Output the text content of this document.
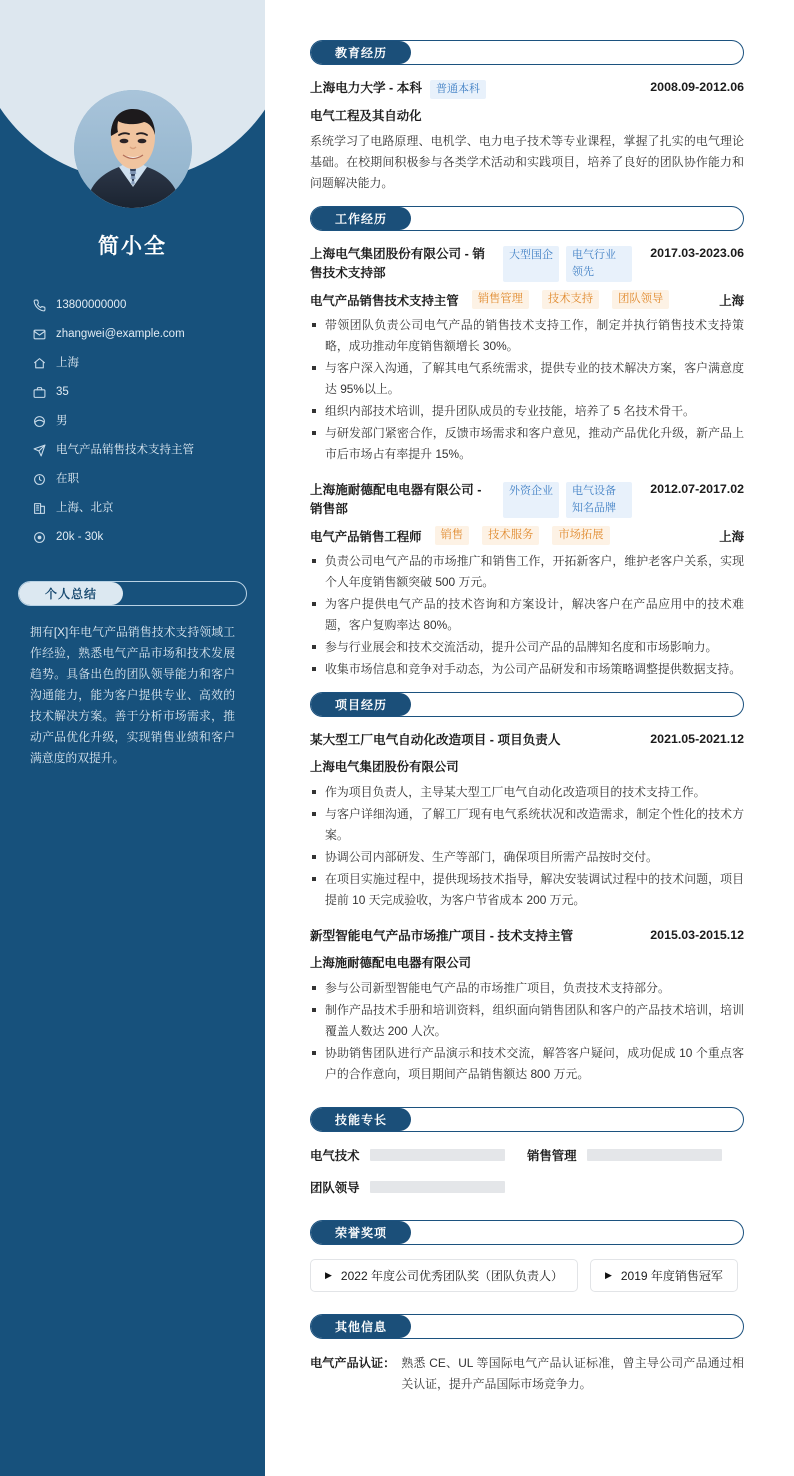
简小全
13800000000
zhangwei@example.com
上海
35
男
电气产品销售技术支持主管
在职
上海、北京
20k - 30k
个人总结

拥有[X]年电气产品销售技术支持领域工作经验，熟悉电气产品市场和技术发展趋势。具备出色的团队领导能力和客户沟通能力，能为客户提供专业、高效的技术解决方案。善于分析市场需求，推动产品优化升级，实现销售业绩和客户满意度的双提升。

教育经历
上海电力大学 - 本科	普通本科	2008.09-2012.06
电气工程及其自动化

系统学习了电路原理、电机学、电力电子技术等专业课程，掌握了扎实的电气理论基础。在校期间积极参与各类学术活动和实践项目，培养了良好的团队协作能力和问题解决能力。

工作经历
上海电气集团股份有限公司 - 销售技术支持部
大型国企	电气行业领先
2017.03-2023.06
电气产品销售技术支持主管	销售管理	技术支持	团队领导	上海
带领团队负责公司电气产品的销售技术支持工作，制定并执行销售技术支持策略，成功推动年度销售额增长 30%。
与客户深入沟通，了解其电气系统需求，提供专业的技术解决方案，客户满意度达 95%以上。
组织内部技术培训，提升团队成员的专业技能，培养了 5 名技术骨干。
与研发部门紧密合作，反馈市场需求和客户意见，推动产品优化升级，新产品上市后市场占有率提升 15%。
上海施耐德配电电器有限公司 - 销售部
外资企业	电气设备知名品牌
2012.07-2017.02
电气产品销售工程师	销售	技术服务	市场拓展	上海
负责公司电气产品的市场推广和销售工作，开拓新客户，维护老客户关系，实现个人年度销售额突破 500 万元。
为客户提供电气产品的技术咨询和方案设计，解决客户在产品应用中的技术难题，客户复购率达 80%。
参与行业展会和技术交流活动，提升公司产品的品牌知名度和市场影响力。
收集市场信息和竞争对手动态，为公司产品研发和市场策略调整提供数据支持。
项目经历
某大型工厂电气自动化改造项目 - 项目负责人	2021.05-2021.12
上海电气集团股份有限公司
作为项目负责人，主导某大型工厂电气自动化改造项目的技术支持工作。
与客户详细沟通，了解工厂现有电气系统状况和改造需求，制定个性化的技术方案。
协调公司内部研发、生产等部门，确保项目所需产品按时交付。
在项目实施过程中，提供现场技术指导，解决安装调试过程中的技术问题，项目提前 10 天完成验收，为客户节省成本 200 万元。
新型智能电气产品市场推广项目 - 技术支持主管	2015.03-2015.12
上海施耐德配电电器有限公司
参与公司新型智能电气产品的市场推广项目，负责技术支持部分。
制作产品技术手册和培训资料，组织面向销售团队和客户的产品技术培训，培训覆盖人数达 200 人次。
协助销售团队进行产品演示和技术交流，解答客户疑问，成功促成 10 个重点客户的合作意向，项目期间产品销售额达 800 万元。
技能专长
电气技术	销售管理
团队领导
荣誉奖项
▶ 2022 年度公司优秀团队奖（团队负责人）	▶ 2019 年度销售冠军
其他信息
电气产品认证： 熟悉 CE、UL 等国际电气产品认证标准，曾主导公司产品通过相关认证，提升产品国际市场竞争力。
